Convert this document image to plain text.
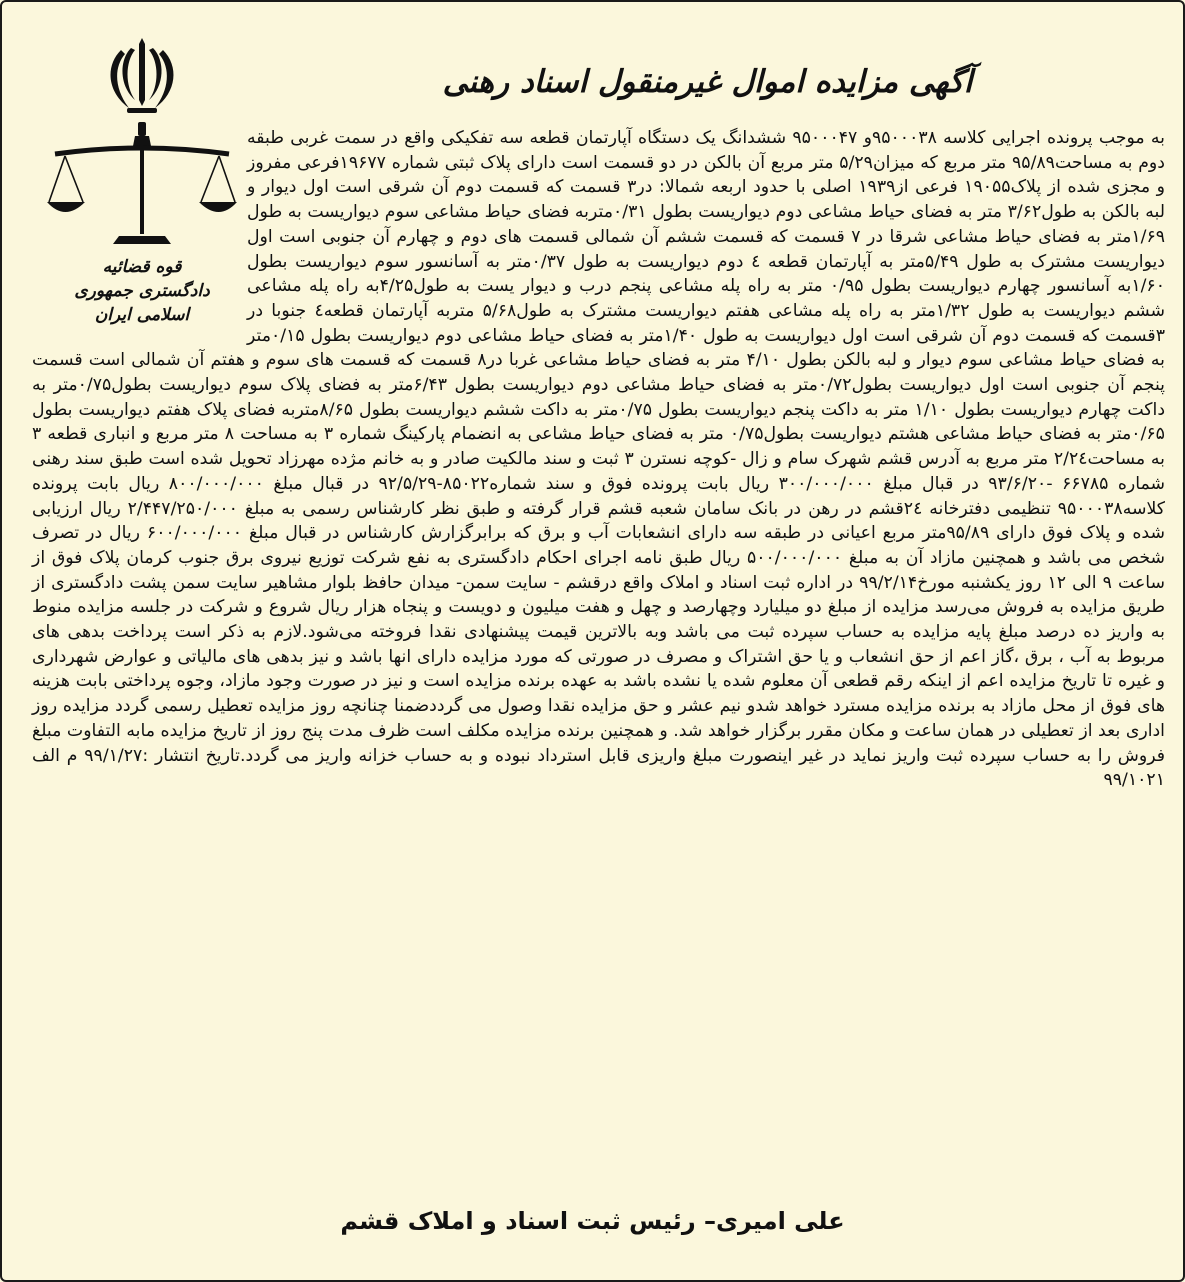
قوه قضائیه
دادگستری جمهوری
اسلامی ایران
آگهی مزایده اموال غیرمنقول اسناد رهنی
به موجب پرونده اجرایی کلاسه ۹۵۰۰۰۳۸و ۹۵۰۰۰۴۷ ششدانگ یک دستگاه آپارتمان قطعه سه تفکیکی واقع در سمت غربی طبقه دوم به مساحت۹۵/۸۹ متر مربع که میزان۵/۲۹ متر مربع آن بالکن در دو قسمت است دارای پلاک ثبتی شماره ۱۹۶۷۷فرعی مفروز و مجزی شده از پلاک۱۹۰۵۵ فرعی از۱۹۳۹ اصلی با حدود اربعه شمالا: در۳ قسمت که قسمت دوم آن شرقی است اول دیوار و لبه بالکن به طول۳/۶۲ متر به فضای حیاط مشاعی دوم دیواریست بطول ۰/۳۱متربه فضای حیاط مشاعی سوم دیواریست به طول ۱/۶۹متر به فضای حیاط مشاعی شرقا در ۷ قسمت که قسمت ششم آن شمالی قسمت های دوم و چهارم آن جنوبی است اول دیواریست مشترک به طول ۵/۴۹متر به آپارتمان قطعه ٤ دوم دیواریست به طول ۰/۳۷متر به آسانسور سوم دیواریست بطول ۱/۶۰به آسانسور چهارم دیواریست بطول ۰/۹۵ متر به راه پله مشاعی پنجم درب و دیوار یست به طول۴/۲۵به راه پله مشاعی ششم دیواریست به طول ۱/۳۲متر به راه پله مشاعی هفتم دیواریست مشترک به طول۵/۶۸ متربه آپارتمان قطعه٤ جنوبا در ۳قسمت که قسمت دوم آن شرقی است اول دیواریست به طول ۱/۴۰متر به فضای حیاط مشاعی دوم دیواریست بطول ۰/۱۵متر به فضای حیاط مشاعی سوم دیوار و لبه بالکن بطول ۴/۱۰ متر به فضای حیاط مشاعی غربا در۸ قسمت که قسمت های سوم و هفتم آن شمالی است قسمت پنجم آن جنوبی است اول دیواریست بطول۰/۷۲متر به فضای حیاط مشاعی دوم دیواریست بطول ۶/۴۳متر به فضای پلاک سوم دیواریست بطول۰/۷۵متر به داکت چهارم دیواریست بطول ۱/۱۰ متر به داکت پنجم دیواریست بطول ۰/۷۵متر به داکت ششم دیواریست بطول ۸/۶۵متربه فضای پلاک هفتم دیواریست بطول ۰/۶۵متر به فضای حیاط مشاعی هشتم دیواریست بطول۰/۷۵ متر به فضای حیاط مشاعی به انضمام پارکینگ شماره ۳ به مساحت ۸ متر مربع و انباری قطعه ۳ به مساحت۲/۲٤ متر مربع به آدرس قشم شهرک سام و زال -کوچه نسترن ۳ ثبت و سند مالکیت صادر و به خانم مژده مهرزاد تحویل شده است طبق سند رهنی شماره ۶۶۷۸۵ -۹۳/۶/۲۰ در قبال مبلغ ۳۰۰/۰۰۰/۰۰۰ ریال بابت پرونده فوق و سند شماره۸۵۰۲۲-۹۲/۵/۲۹ در قبال مبلغ ۸۰۰/۰۰۰/۰۰۰ ریال بابت پرونده کلاسه۹۵۰۰۰۳۸ تنظیمی دفترخانه ۲٤قشم در رهن در بانک سامان شعبه قشم قرار گرفته و طبق نظر کارشناس رسمی به مبلغ ۲/۴۴۷/۲۵۰/۰۰۰ ریال ارزیابی شده و پلاک فوق دارای ۹۵/۸۹متر مربع اعیانی در طبقه سه دارای انشعابات آب و برق که برابرگزارش کارشناس در قبال مبلغ ۶۰۰/۰۰۰/۰۰۰ ریال در تصرف شخص می باشد و همچنین مازاد آن به مبلغ ۵۰۰/۰۰۰/۰۰۰ ریال طبق نامه اجرای احکام دادگستری به نفع شرکت توزیع نیروی برق جنوب کرمان پلاک فوق از ساعت ۹ الی ۱۲ روز یکشنبه مورخ۹۹/۲/۱۴ در اداره ثبت اسناد و املاک واقع درقشم - سایت سمن- میدان حافظ بلوار مشاهیر سایت سمن پشت دادگستری از طریق مزایده به فروش می‌رسد مزایده از مبلغ دو میلیارد وچهارصد و چهل و هفت میلیون و دویست و پنجاه هزار ریال شروع و شرکت در جلسه مزایده منوط به واریز ده درصد مبلغ پایه مزایده به حساب سپرده ثبت می باشد وبه بالاترین قیمت پیشنهادی نقدا فروخته می‌شود.لازم به ذکر است پرداخت بدهی های مربوط به آب ، برق ،گاز اعم از حق انشعاب و یا حق اشتراک و مصرف در صورتی که مورد مزایده دارای انها باشد و نیز بدهی های مالیاتی و عوارض شهرداری و غیره تا تاریخ مزایده اعم از اینکه رقم قطعی آن معلوم شده یا نشده باشد به عهده برنده مزایده است و نیز در صورت وجود مازاد، وجوه پرداختی بابت هزینه های فوق از محل مازاد به برنده مزایده مسترد خواهد شدو نیم عشر و حق مزایده نقدا وصول می گرددضمنا چنانچه روز مزایده تعطیل رسمی گردد مزایده روز اداری بعد از تعطیلی در همان ساعت و مکان مقرر برگزار خواهد شد. و همچنین برنده مزایده مکلف است ظرف مدت پنج روز از تاریخ مزایده مابه التفاوت مبلغ فروش را به حساب سپرده ثبت واریز نماید در غیر اینصورت مبلغ واریزی قابل استرداد نبوده و به حساب خزانه واریز می گردد.تاریخ انتشار :۹۹/۱/۲۷ م الف ۹۹/۱۰۲۱
علی امیری– رئیس ثبت اسناد و املاک قشم
